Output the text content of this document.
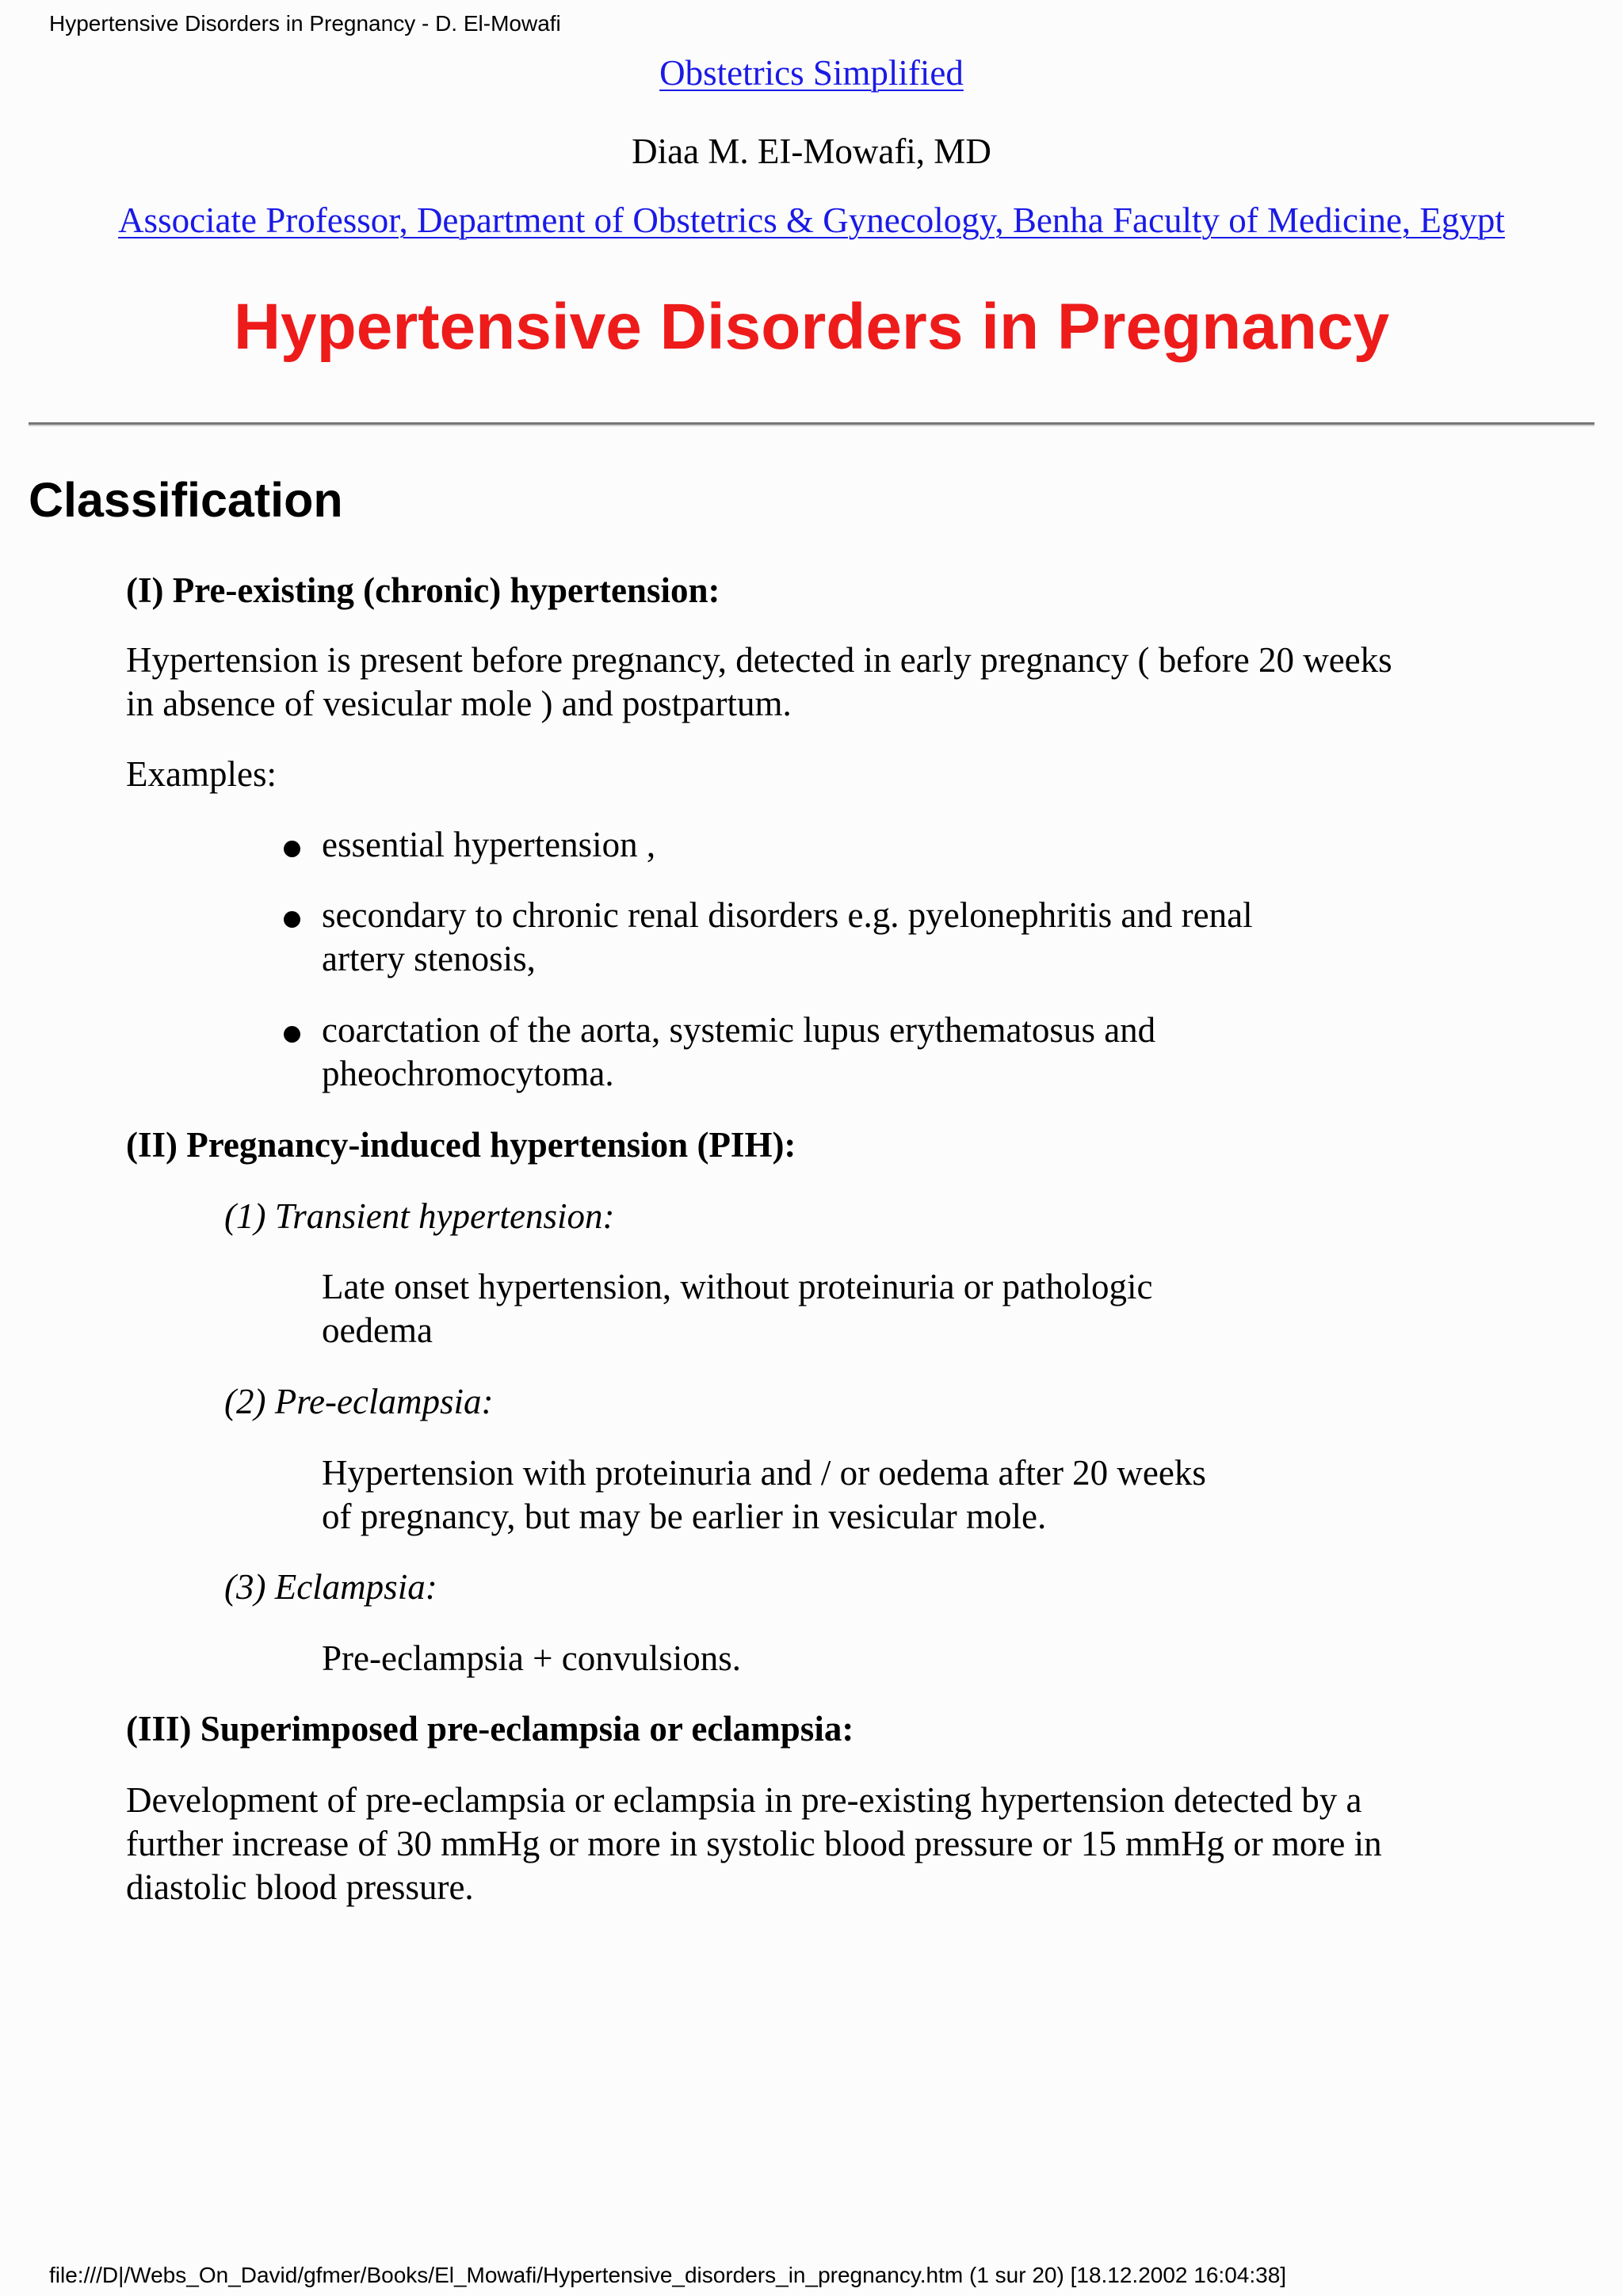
Hypertensive Disorders in Pregnancy - D. El-Mowafi
Obstetrics Simplified
Diaa M. EI-Mowafi, MD
Associate Professor, Department of Obstetrics & Gynecology, Benha Faculty of Medicine, Egypt
Hypertensive Disorders in Pregnancy
Classification

(I) Pre-existing (chronic) hypertension:

Hypertension is present before pregnancy, detected in early pregnancy ( before 20 weeks

in absence of vesicular mole ) and postpartum.

Examples:

essential hypertension ,

secondary to chronic renal disorders e.g. pyelonephritis and renal

artery stenosis,

coarctation of the aorta, systemic lupus erythematosus and

pheochromocytoma.

(II) Pregnancy-induced hypertension (PIH):

(1) Transient hypertension:

Late onset hypertension, without proteinuria or pathologic

oedema

(2) Pre-eclampsia:

Hypertension with proteinuria and / or oedema after 20 weeks

of pregnancy, but may be earlier in vesicular mole.

(3) Eclampsia:

Pre-eclampsia + convulsions.

(III) Superimposed pre-eclampsia or eclampsia:

Development of pre-eclampsia or eclampsia in pre-existing hypertension detected by a

further increase of 30 mmHg or more in systolic blood pressure or 15 mmHg or more in

diastolic blood pressure.

file:///D|/Webs_On_David/gfmer/Books/El_Mowafi/Hypertensive_disorders_in_pregnancy.htm (1 sur 20) [18.12.2002 16:04:38]
